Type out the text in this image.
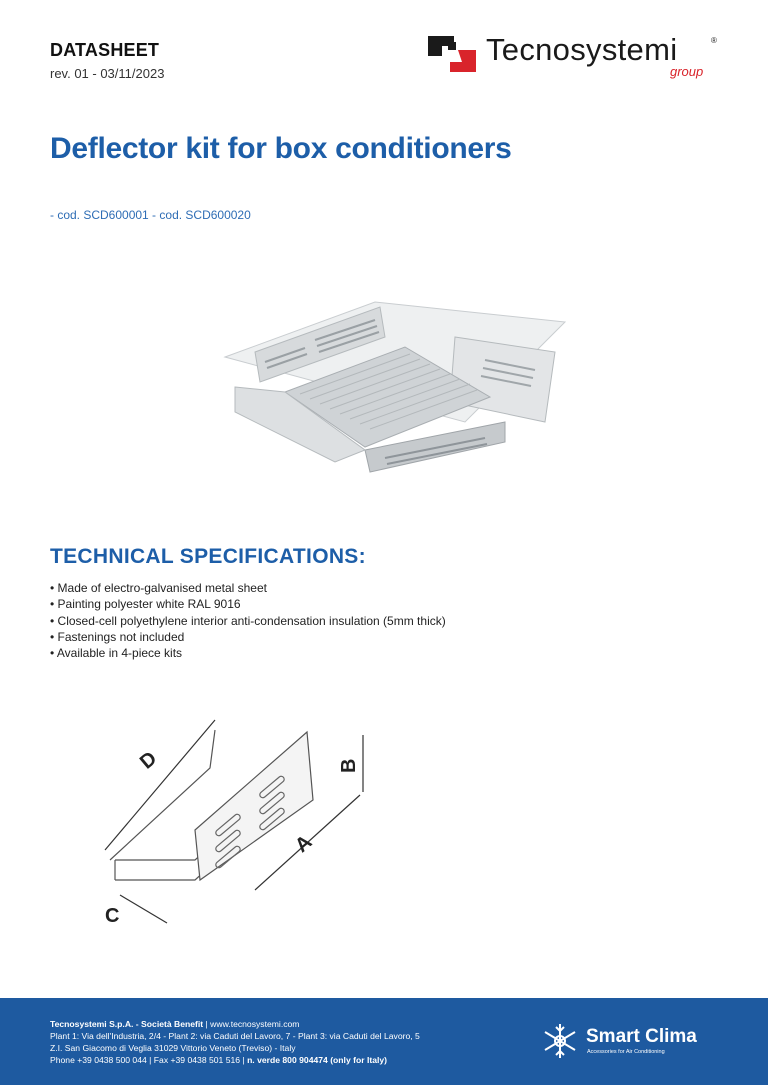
DATASHEET
rev. 01 - 03/11/2023
Tecnosystemi	®
group
Deflector kit for box conditioners
- cod. SCD600001 - cod. SCD600020
TECHNICAL SPECIFICATIONS:
• Made of electro-galvanised metal sheet
• Painting polyester white RAL 9016
• Closed-cell polyethylene interior anti-condensation insulation (5mm thick)
• Fastenings not included
• Available in 4-piece kits
D
C
A
B
Tecnosystemi S.p.A. - Società Benefit | www.tecnosystemi.com
Plant 1: Via dell'Industria, 2/4 - Plant 2: via Caduti del Lavoro, 7 - Plant 3: via Caduti del Lavoro, 5
Z.I. San Giacomo di Veglia 31029 Vittorio Veneto (Treviso) - Italy
Phone +39 0438 500 044 | Fax +39 0438 501 516 | n. verde 800 904474 (only for Italy)
Smart Clima
Accessories for Air Conditioning
